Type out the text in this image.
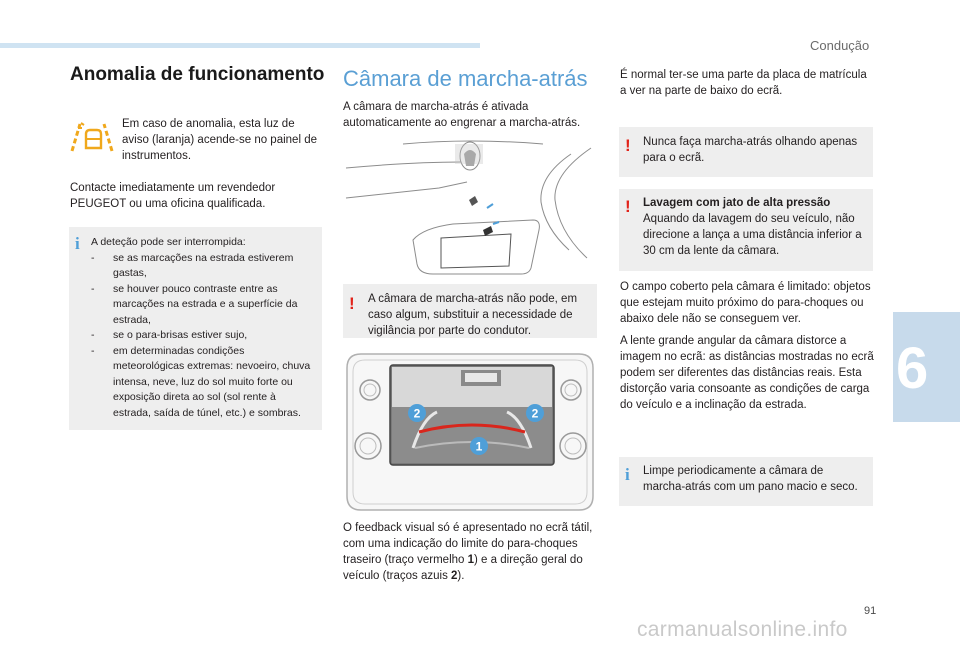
Condução
6
91
carmanualsonline.info
Anomalia de funcionamento

Em caso de anomalia, esta luz de aviso (laranja) acende-se no painel de instrumentos.

Contacte imediatamente um revendedor PEUGEOT ou uma oficina qualificada.

i A deteção pode ser interrompida:
- se as marcações na estrada estiverem gastas,
- se houver pouco contraste entre as marcações na estrada e a superfície da estrada,
- se o para-brisas estiver sujo,
- em determinadas condições meteorológicas extremas: nevoeiro, chuva intensa, neve, luz do sol muito forte ou exposição direta ao sol (sol rente à estrada, saída de túnel, etc.) e sombras.
Câmara de marcha-atrás

A câmara de marcha-atrás é ativada automaticamente ao engrenar a marcha-atrás.

! A câmara de marcha-atrás não pode, em caso algum, substituir a necessidade de vigilância por parte do condutor.

2	2
1

O feedback visual só é apresentado no ecrã tátil, com uma indicação do limite do para-choques traseiro (traço vermelho 1) e a direção geral do veículo (traços azuis 2).

É normal ter-se uma parte da placa de matrícula a ver na parte de baixo do ecrã.

! Nunca faça marcha-atrás olhando apenas para o ecrã.

! Lavagem com jato de alta pressão

Aquando da lavagem do seu veículo, não direcione a lança a uma distância inferior a 30 cm da lente da câmara.

O campo coberto pela câmara é limitado: objetos que estejam muito próximo do para-choques ou abaixo dele não se conseguem ver.

A lente grande angular da câmara distorce a imagem no ecrã: as distâncias mostradas no ecrã podem ser diferentes das distâncias reais. Esta distorção varia consoante as condições de carga do veículo e a inclinação da estrada.

i Limpe periodicamente a câmara de marcha-atrás com um pano macio e seco.
